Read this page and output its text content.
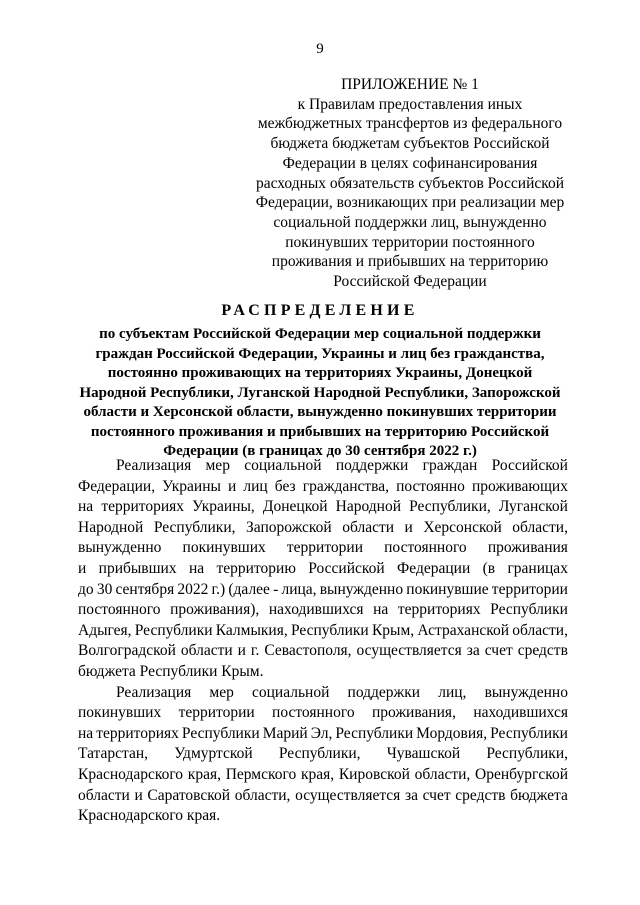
9
ПРИЛОЖЕНИЕ № 1
к Правилам предоставления иных
межбюджетных трансфертов из федерального
бюджета бюджетам субъектов Российской
Федерации в целях софинансирования
расходных обязательств субъектов Российской
Федерации, возникающих при реализации мер
социальной поддержки лиц, вынужденно
покинувших территории постоянного
проживания и прибывших на территорию
Российской Федерации
РАСПРЕДЕЛЕНИЕ
по субъектам Российской Федерации мер социальной поддержки
граждан Российской Федерации, Украины и лиц без гражданства,
постоянно проживающих на территориях Украины, Донецкой
Народной Республики, Луганской Народной Республики, Запорожской
области и Херсонской области, вынужденно покинувших территории
постоянного проживания и прибывших на территорию Российской
Федерации (в границах до 30 сентября 2022 г.)
Реализация мер социальной поддержки граждан Российской
Федерации, Украины и лиц без гражданства, постоянно проживающих
на территориях Украины, Донецкой Народной Республики, Луганской
Народной Республики, Запорожской области и Херсонской области,
вынужденно покинувших территории постоянного проживания
и прибывших на территорию Российской Федерации (в границах
до 30 сентября 2022 г.) (далее - лица, вынужденно покинувшие территории
постоянного проживания), находившихся на территориях Республики
Адыгея, Республики Калмыкия, Республики Крым, Астраханской области,
Волгоградской области и г. Севастополя, осуществляется за счет средств
бюджета Республики Крым.
Реализация мер социальной поддержки лиц, вынужденно
покинувших территории постоянного проживания, находившихся
на территориях Республики Марий Эл, Республики Мордовия, Республики
Татарстан, Удмуртской Республики, Чувашской Республики,
Краснодарского края, Пермского края, Кировской области, Оренбургской
области и Саратовской области, осуществляется за счет средств бюджета
Краснодарского края.
